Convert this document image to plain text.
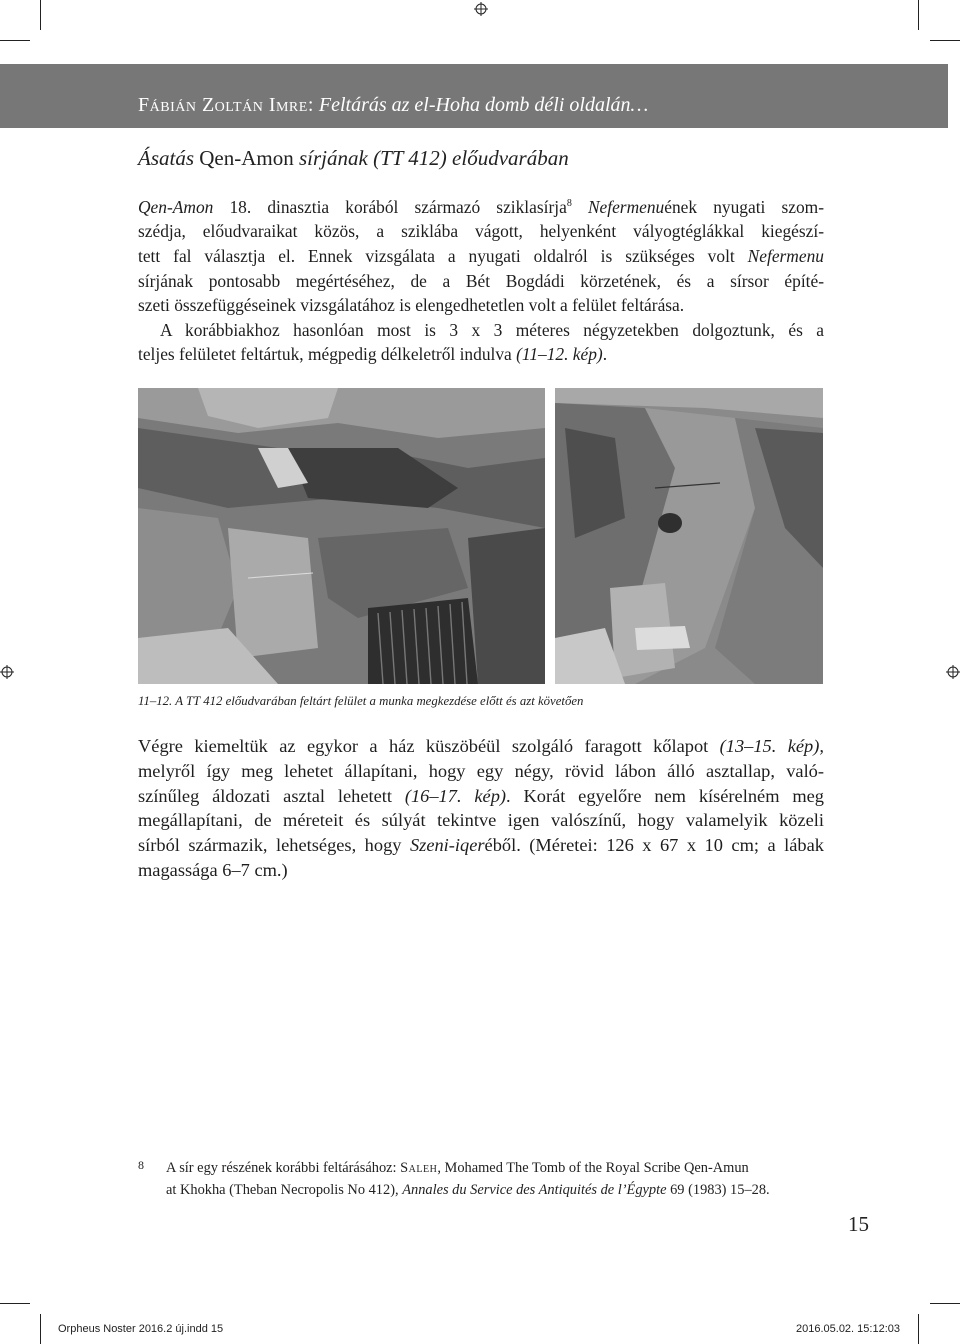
Fábián Zoltán Imre: Feltárás az el-Hoha domb déli oldalán…
Ásatás Qen-Amon sírjának (TT 412) előudvarában
Qen-Amon 18. dinasztia korából származó sziklasírja$^8$ Nefermenuének nyugati szom-
szédja, előudvaraikat közös, a sziklába vágott, helyenként vályogtéglákkal kiegészí-
tett fal választja el. Ennek vizsgálata a nyugati oldalról is szükséges volt Nefermenu
sírjának pontosabb megértéséhez, de a Bét Bogdádi körzetének, és a sírsor építé-
szeti összefüggéseinek vizsgálatához is elengedhetetlen volt a felület feltárása.
A korábbiakhoz hasonlóan most is 3 x 3 méteres négyzetekben dolgoztunk, és a
teljes felületet feltártuk, mégpedig délkeletről indulva (11–12. kép).
11–12. A TT 412 előudvarában feltárt felület a munka megkezdése előtt és azt követően
Végre kiemeltük az egykor a ház küszöbéül szolgáló faragott kőlapot (13–15. kép),
melyről így meg lehetet állapítani, hogy egy négy, rövid lábon álló asztallap, való-
színűleg áldozati asztal lehetett (16–17. kép). Korát egyelőre nem kísérelném meg
megállapítani, de méreteit és súlyát tekintve igen valószínű, hogy valamelyik közeli
sírból származik, lehetséges, hogy Szeni-iqeréből. (Méretei: 126 x 67 x 10 cm; a lábak
magassága 6–7 cm.)
8 A sír egy részének korábbi feltárásához: Saleh, Mohamed The Tomb of the Royal Scribe Qen-Amun
at Khokha (Theban Necropolis No 412), Annales du Service des Antiquités de l’Égypte 69 (1983) 15–28.
15
Orpheus Noster 2016.2 új.indd 15	2016.05.02. 15:12:03
